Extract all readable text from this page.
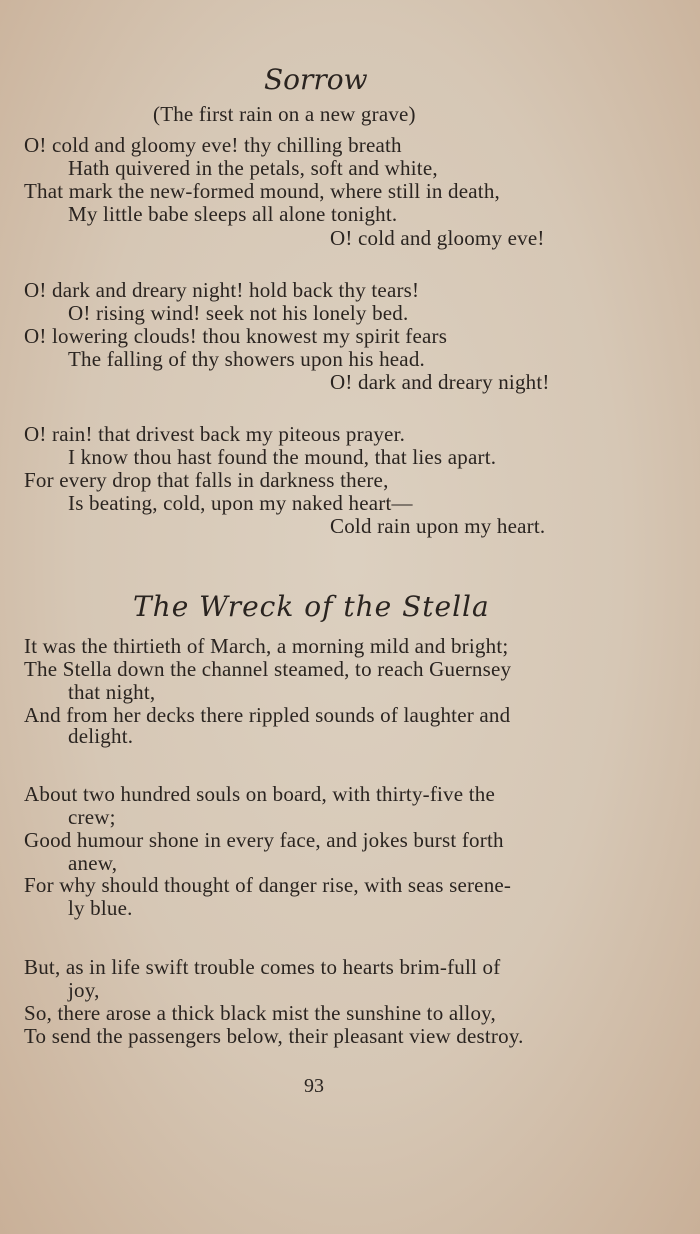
Sorrow
(The first rain on a new grave)
O! cold and gloomy eve! thy chilling breath
Hath quivered in the petals, soft and white,
That mark the new-formed mound, where still in death,
My little babe sleeps all alone tonight.
O! cold and gloomy eve!
O! dark and dreary night! hold back thy tears!
O! rising wind! seek not his lonely bed.
O! lowering clouds! thou knowest my spirit fears
The falling of thy showers upon his head.
O! dark and dreary night!
O! rain! that drivest back my piteous prayer.
I know thou hast found the mound, that lies apart.
For every drop that falls in darkness there,
Is beating, cold, upon my naked heart—
Cold rain upon my heart.
The Wreck of the Stella
It was the thirtieth of March, a morning mild and bright;
The Stella down the channel steamed, to reach Guernsey
that night,
And from her decks there rippled sounds of laughter and
delight.
About two hundred souls on board, with thirty-five the
crew;
Good humour shone in every face, and jokes burst forth
anew,
For why should thought of danger rise, with seas serene-
ly blue.
But, as in life swift trouble comes to hearts brim-full of
joy,
So, there arose a thick black mist the sunshine to alloy,
To send the passengers below, their pleasant view destroy.
93
